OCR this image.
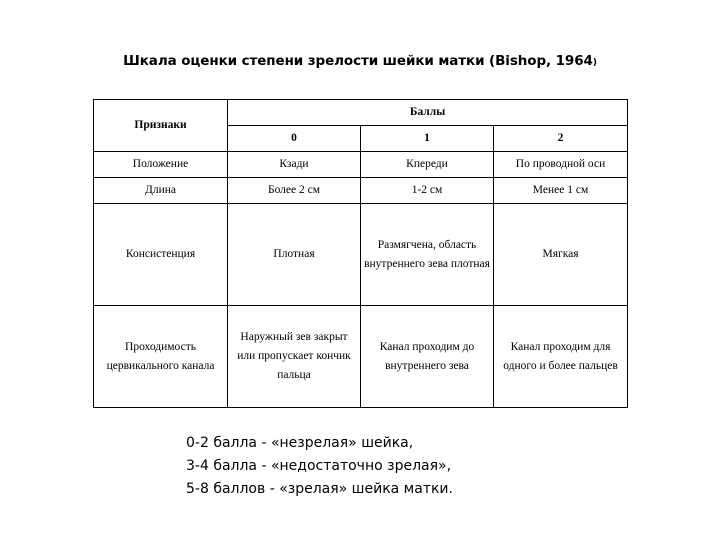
Шкала оценки степени зрелости шейки матки (Bishop, 1964)
Признаки	Баллы		
	0	1	2
Положение	Кзади	Кпереди	По проводной оси
Длина	Более 2 см	1-2 см	Менее 1 см
Консистенция	Плотная	Размягчена, область внутреннего зева плотная	Мягкая
Проходимость цервикального канала	Наружный зев закрыт или пропускает кончик пальца	Канал проходим до внутреннего зева	Канал проходим для одного и более пальцев
0-2 балла - «незрелая» шейка,
3-4 балла - «недостаточно зрелая»,
5-8 баллов - «зрелая» шейка матки.
